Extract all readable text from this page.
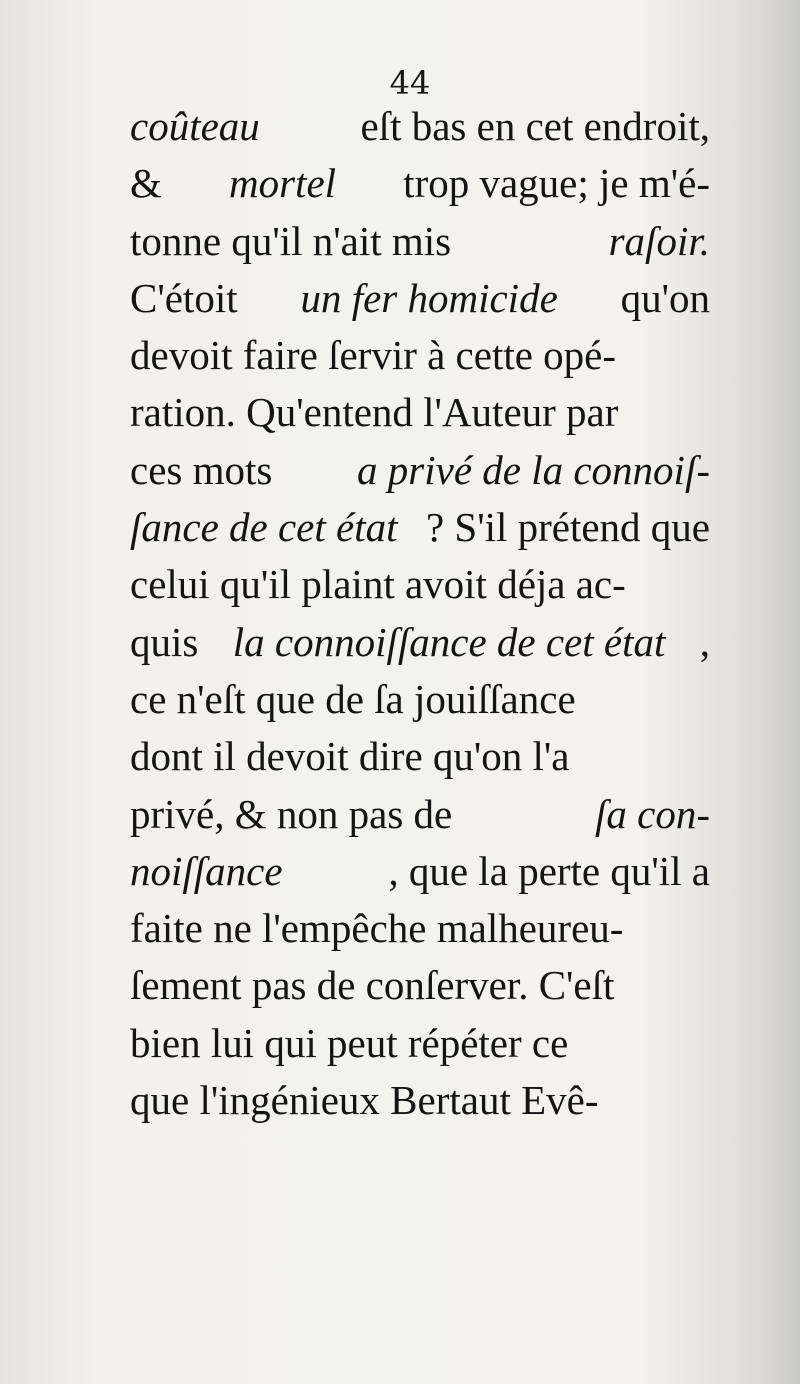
44
coûteau eſt bas en cet endroit,
& mortel trop vague; je m'é-
tonne qu'il n'ait mis	raſoir.
C'étoit un fer homicide qu'on
devoit faire ſervir à cette opé-
ration. Qu'entend l'Auteur par
ces mots a privé de la connoiſ-
ſance de cet état ? S'il prétend que
celui qu'il plaint avoit déja ac-
quis la connoiſſance de cet état ,
ce n'eſt que de ſa jouiſſance
dont il devoit dire qu'on l'a
privé, & non pas de	ſa con-
noiſſance	, que la perte qu'il a
faite ne l'empêche malheureu-
ſement pas de conſerver. C'eſt
bien lui qui peut répéter ce
que l'ingénieux Bertaut Evê-
